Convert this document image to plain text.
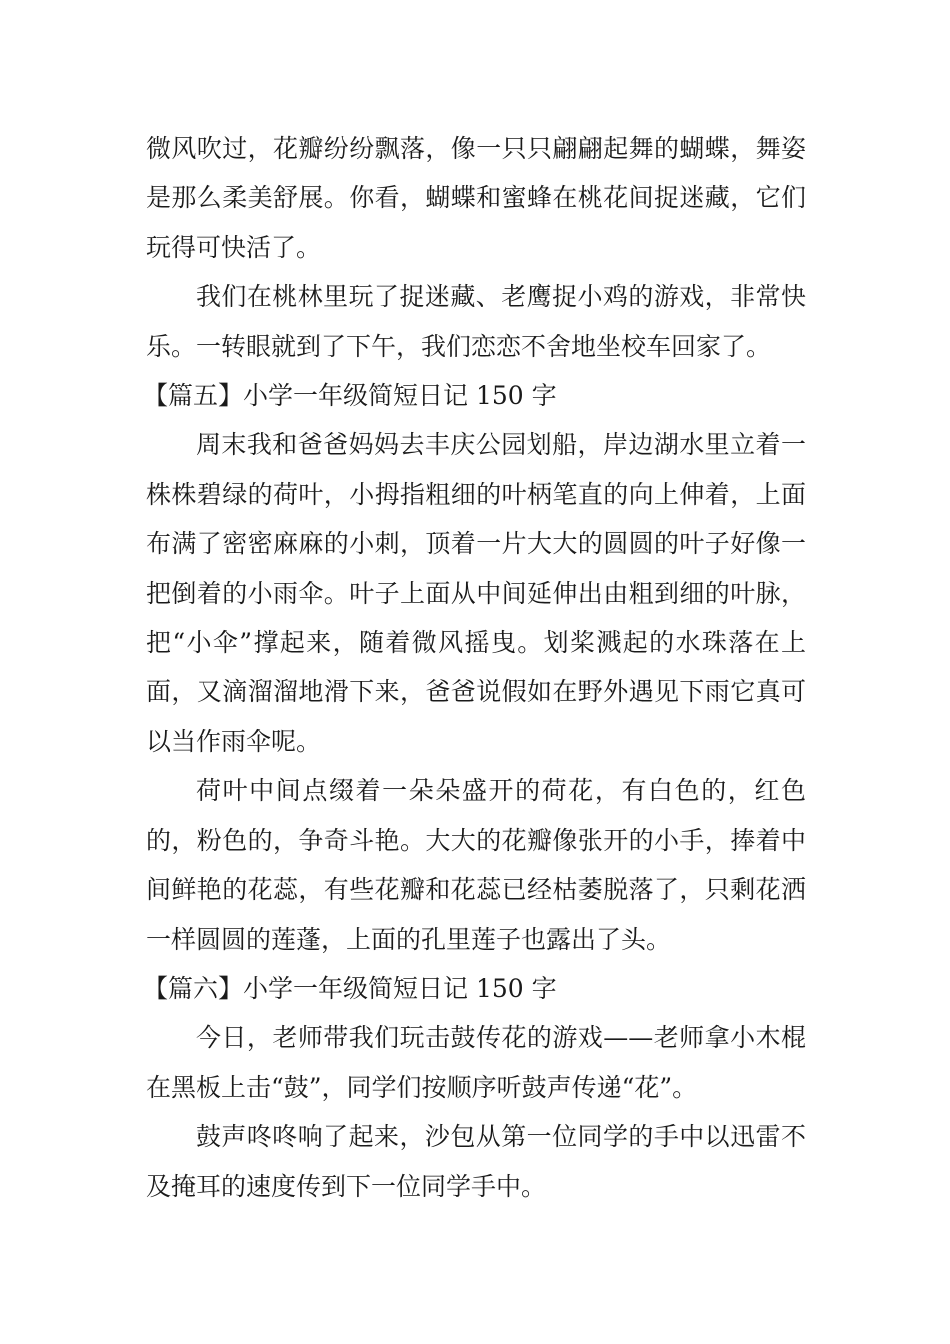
微风吹过，花瓣纷纷飘落，像一只只翩翩起舞的蝴蝶，舞姿是那么柔美舒展。你看，蝴蝶和蜜蜂在桃花间捉迷藏，它们玩得可快活了。

我们在桃林里玩了捉迷藏、老鹰捉小鸡的游戏，非常快乐。一转眼就到了下午，我们恋恋不舍地坐校车回家了。

【篇五】小学一年级简短日记 150 字

周末我和爸爸妈妈去丰庆公园划船，岸边湖水里立着一株株碧绿的荷叶，小拇指粗细的叶柄笔直的向上伸着，上面布满了密密麻麻的小刺，顶着一片大大的圆圆的叶子好像一把倒着的小雨伞。叶子上面从中间延伸出由粗到细的叶脉，把“小伞”撑起来，随着微风摇曳。划桨溅起的水珠落在上面，又滴溜溜地滑下来，爸爸说假如在野外遇见下雨它真可以当作雨伞呢。

荷叶中间点缀着一朵朵盛开的荷花，有白色的，红色的，粉色的，争奇斗艳。大大的花瓣像张开的小手，捧着中间鲜艳的花蕊，有些花瓣和花蕊已经枯萎脱落了，只剩花洒一样圆圆的莲蓬，上面的孔里莲子也露出了头。

【篇六】小学一年级简短日记 150 字

今日，老师带我们玩击鼓传花的游戏——老师拿小木棍在黑板上击“鼓”，同学们按顺序听鼓声传递“花”。

鼓声咚咚响了起来，沙包从第一位同学的手中以迅雷不及掩耳的速度传到下一位同学手中。
